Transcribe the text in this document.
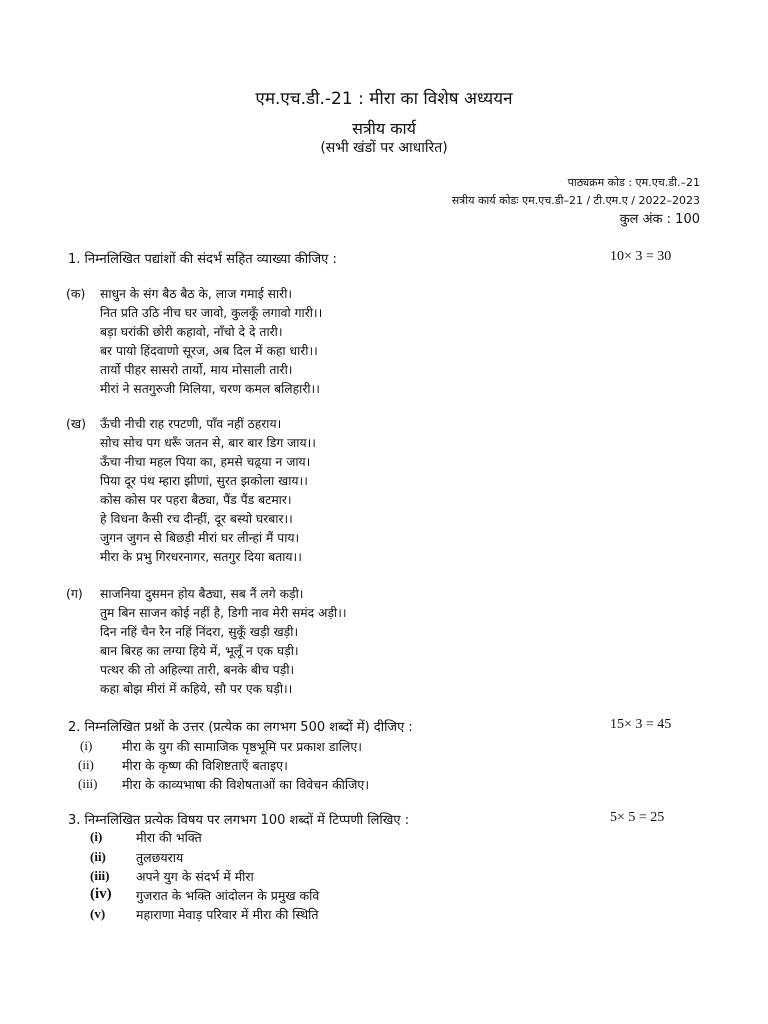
एम.एच.डी.-21 : मीरा का विशेष अध्ययन
सत्रीय कार्य
(सभी खंडों पर आधारित)
पाठ्यक्रम कोड : एम.एच.डी.–21
सत्रीय कार्य कोडः एम.एच.डी–21 / टी.एम.ए / 2022–2023
कुल अंक : 100
1. निम्नलिखित पद्यांशों की संदर्भ सहित व्याख्या कीजिए :	10× 3 = 30
(क) साधुन के संग बैठ बैठ के, लाज गमाई सारी।
नित प्रति उठि नीच घर जावो, कुलकूँ लगावो गारी।।
बड़ा घरांकी छोरी कहावो, नाँचो दे दे तारी।
बर पायो हिंदवाणो सूरज, अब दिल में कहा धारी।।
तार्यो पीहर सासरो तार्यो, माय मोसाली तारी।
मीरां ने सतगुरुजी मिलिया, चरण कमल बलिहारी।।
(ख) ऊँची नीची राह रपटणी, पाँव नहीं ठहराय।
सोच सोच पग धरूँ जतन से, बार बार डिग जाय।।
ऊँचा नीचा महल पिया का, हमसे चढ़्या न जाय।
पिया दूर पंथ म्हारा झीणां, सुरत झकोला खाय।।
कोस कोस पर पहरा बैठ्या, पैंड पैंड बटमार।
हे विधना कैसी रच दीन्हीं, दूर बस्यो घरबार।।
जुगन जुगन से बिछड़ी मीरां घर लीन्हां मैं पाय।
मीरा के प्रभु गिरधरनागर, सतगुर दिया बताय।।
(ग) साजनिया दुसमन होय बैठ्या, सब नैं लगे कड़ी।
तुम बिन साजन कोई नहीं है, डिगी नाव मेरी समंद अड़ी।।
दिन नहिं चैन रैन नहिं निंदरा, सुकूँ खड़ी खड़ी।
बान बिरह का लग्या हिये में, भूलूँ न एक घड़ी।
पत्थर की तो अहिल्या तारी, बनके बीच पड़ी।
कहा बोझ मीरां में कहिये, सौ पर एक घड़ी।।
2. निम्नलिखित प्रश्नों के उत्तर (प्रत्येक का लगभग 500 शब्दों में) दीजिए :	15× 3 = 45
(i) मीरा के युग की सामाजिक पृष्ठभूमि पर प्रकाश डालिए।
(ii) मीरा के कृष्ण की विशिष्टताएँ बताइए।
(iii) मीरा के काव्यभाषा की विशेषताओं का विवेचन कीजिए।
3. निम्नलिखित प्रत्येक विषय पर लगभग 100 शब्दों में टिप्पणी लिखिए :	5× 5 = 25
(i)	मीरा की भक्ति
(ii) तुलछयराय
(iii) अपने युग के संदर्भ में मीरा
(iv) गुजरात के भक्ति आंदोलन के प्रमुख कवि
(v) महाराणा मेवाड़ परिवार में मीरा की स्थिति
